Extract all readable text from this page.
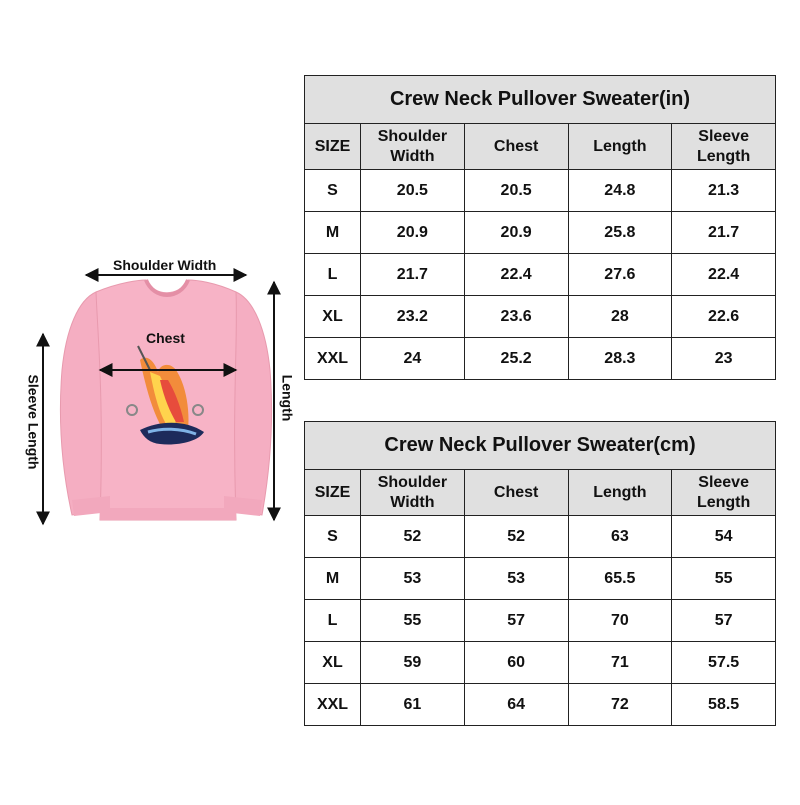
Shoulder Width
Chest
Sleeve Length	Length
Crew Neck Pullover Sweater(in)				
SIZE	Shoulder Width	Chest	Length	Sleeve Length
S	20.5	20.5	24.8	21.3
M	20.9	20.9	25.8	21.7
L	21.7	22.4	27.6	22.4
XL	23.2	23.6	28	22.6
XXL	24	25.2	28.3	23
Crew Neck Pullover Sweater(cm)				
SIZE	Shoulder Width	Chest	Length	Sleeve Length
S	52	52	63	54
M	53	53	65.5	55
L	55	57	70	57
XL	59	60	71	57.5
XXL	61	64	72	58.5
